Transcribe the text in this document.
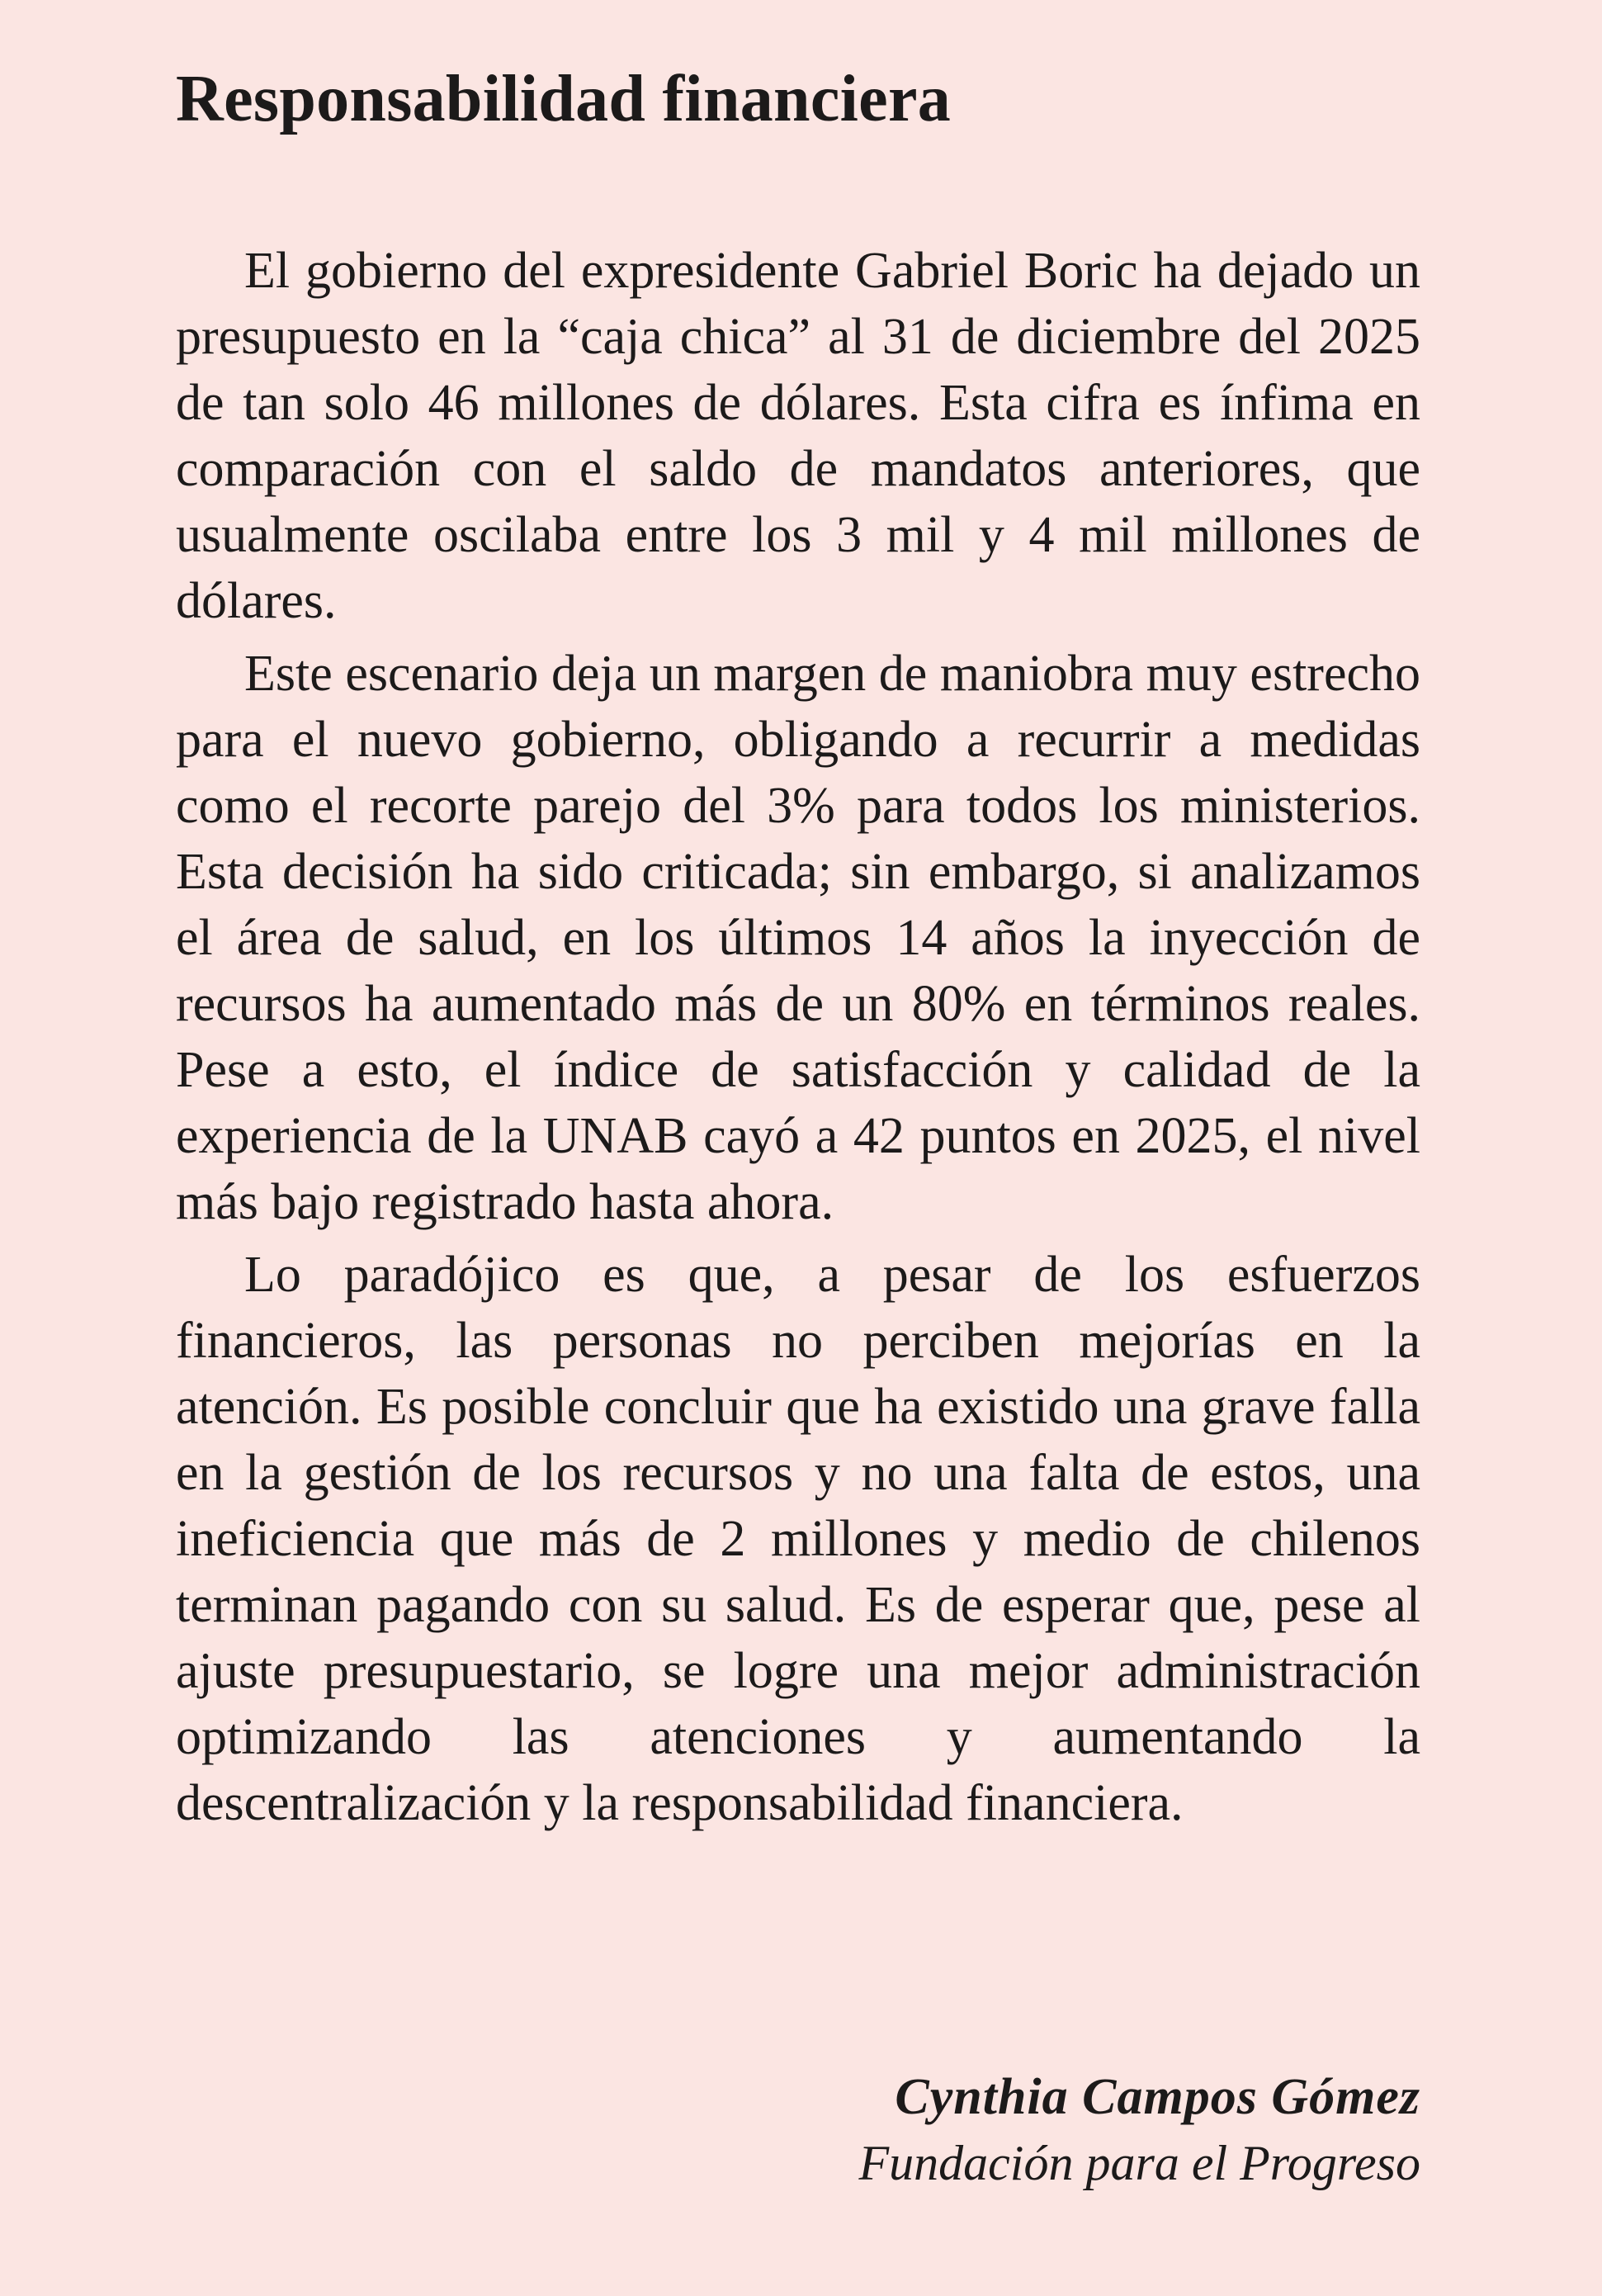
Responsabilidad financiera

El gobierno del expresidente Gabriel Boric ha dejado un presupuesto en la “caja chica” al 31 de diciembre del 2025 de tan solo 46 millones de dólares. Esta cifra es ínfima en comparación con el saldo de mandatos anteriores, que usualmente oscilaba entre los 3 mil y 4 mil millones de dólares.

Este escenario deja un margen de maniobra muy estrecho para el nuevo gobierno, obligando a recurrir a medidas como el recorte parejo del 3% para todos los ministerios. Esta decisión ha sido criticada; sin embargo, si analizamos el área de salud, en los últimos 14 años la inyección de recursos ha aumentado más de un 80% en términos reales. Pese a esto, el índice de satisfacción y calidad de la experiencia de la UNAB cayó a 42 puntos en 2025, el nivel más bajo registrado hasta ahora.

Lo paradójico es que, a pesar de los esfuerzos financieros, las personas no perciben mejorías en la atención. Es posible concluir que ha existido una grave falla en la gestión de los recursos y no una falta de estos, una ineficiencia que más de 2 millones y medio de chilenos terminan pagando con su salud. Es de esperar que, pese al ajuste presupuestario, se logre una mejor administración optimizando las atenciones y aumentando la descentralización y la responsabilidad financiera.

Cynthia Campos Gómez
Fundación para el Progreso
